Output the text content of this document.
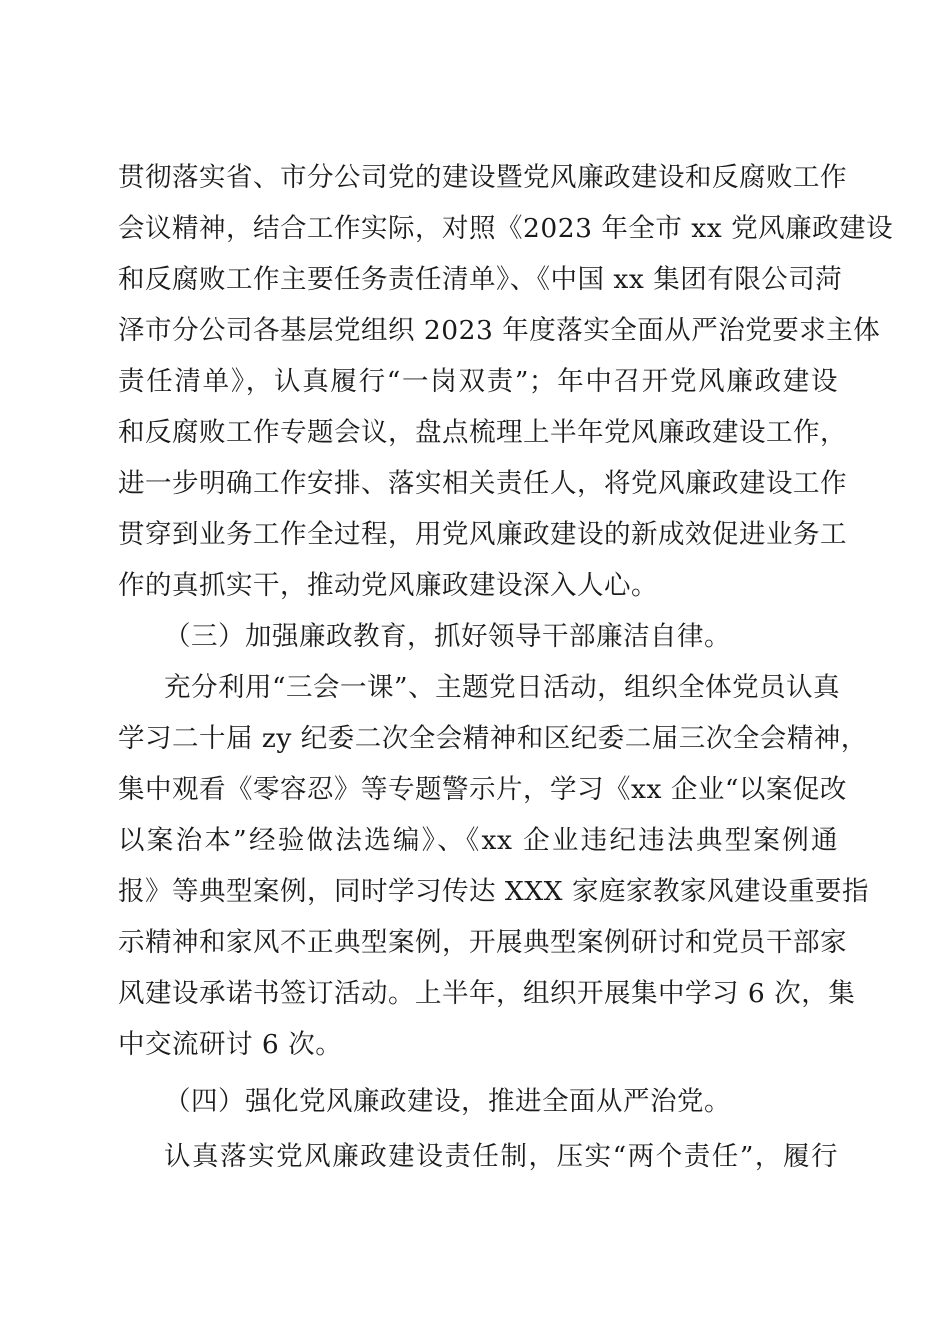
贯彻落实省、市分公司党的建设暨党风廉政建设和反腐败工作
会议精神，结合工作实际，对照《2023 年全市 xx 党风廉政建设
和反腐败工作主要任务责任清单》、《中国 xx 集团有限公司菏
泽市分公司各基层党组织 2023 年度落实全面从严治党要求主体
责任清单》，认真履行“一岗双责”；年中召开党风廉政建设
和反腐败工作专题会议，盘点梳理上半年党风廉政建设工作，
进一步明确工作安排、落实相关责任人，将党风廉政建设工作
贯穿到业务工作全过程，用党风廉政建设的新成效促进业务工
作的真抓实干，推动党风廉政建设深入人心。
（三）加强廉政教育，抓好领导干部廉洁自律。
充分利用“三会一课”、主题党日活动，组织全体党员认真
学习二十届 zy 纪委二次全会精神和区纪委二届三次全会精神，
集中观看《零容忍》等专题警示片，学习《xx 企业“以案促改
以案治本”经验做法选编》、《xx 企业违纪违法典型案例通
报》等典型案例，同时学习传达 XXX 家庭家教家风建设重要指
示精神和家风不正典型案例，开展典型案例研讨和党员干部家
风建设承诺书签订活动。上半年，组织开展集中学习 6 次，集
中交流研讨 6 次。
（四）强化党风廉政建设，推进全面从严治党。
认真落实党风廉政建设责任制，压实“两个责任”，履行
